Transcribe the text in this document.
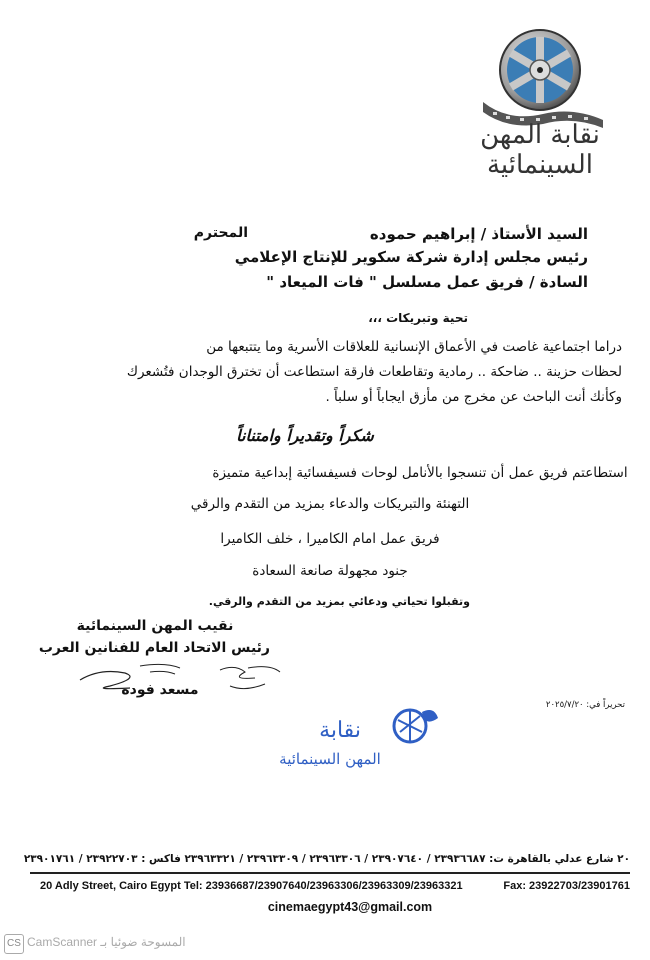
نقابة المهن السينمائية
السيد الأستاذ / إبراهيم حموده
المحترم
رئيس مجلس إدارة شركة سكوير للإنتاج الإعلامي
السادة / فريق عمل مسلسل " فات الميعاد "
تحية وتبريكات ،،،
دراما اجتماعية غاصت في الأعماق الإنسانية للعلاقات الأسرية وما يتتبعها من
لحظات حزينة .. ضاحكة .. رمادية وتقاطعات فارقة استطاعت أن تخترق الوجدان فتُشعرك
وكأنك أنت الباحث عن مخرج من مأزق ايجاباً أو سلباً .
شكراً وتقديراً وامتناناً
استطاعتم فريق عمل أن تنسجوا بالأنامل لوحات فسيفسائية إبداعية متميزة
التهنئة والتبريكات والدعاء بمزيد من التقدم والرقي
فريق عمل امام الكاميرا ، خلف الكاميرا
جنود مجهولة صانعة السعادة
وتقبلوا تحياتي ودعائي بمزيد من التقدم والرقي.
نقيب المهن السينمائية
رئيس الاتحاد العام للفنانين العرب
مسعد فوده
تحريراً في: ٢٠٢٥/٧/٢٠
نقابة
المهن السينمائية
٢٠ شارع عدلي بالقاهرة ت: ٢٣٩٣٦٦٨٧ / ٢٣٩٠٧٦٤٠ / ٢٣٩٦٣٣٠٦ / ٢٣٩٦٣٣٠٩ / ٢٣٩٦٣٣٢١ فاكس : ٢٣٩٢٢٧٠٣ / ٢٣٩٠١٧٦١
20 Adly Street, Cairo Egypt Tel: 23936687/23907640/23963306/23963309/23963321	Fax: 23922703/23901761
cinemaegypt43@gmail.com
CS CamScanner المسوحة ضوئيا بـ
